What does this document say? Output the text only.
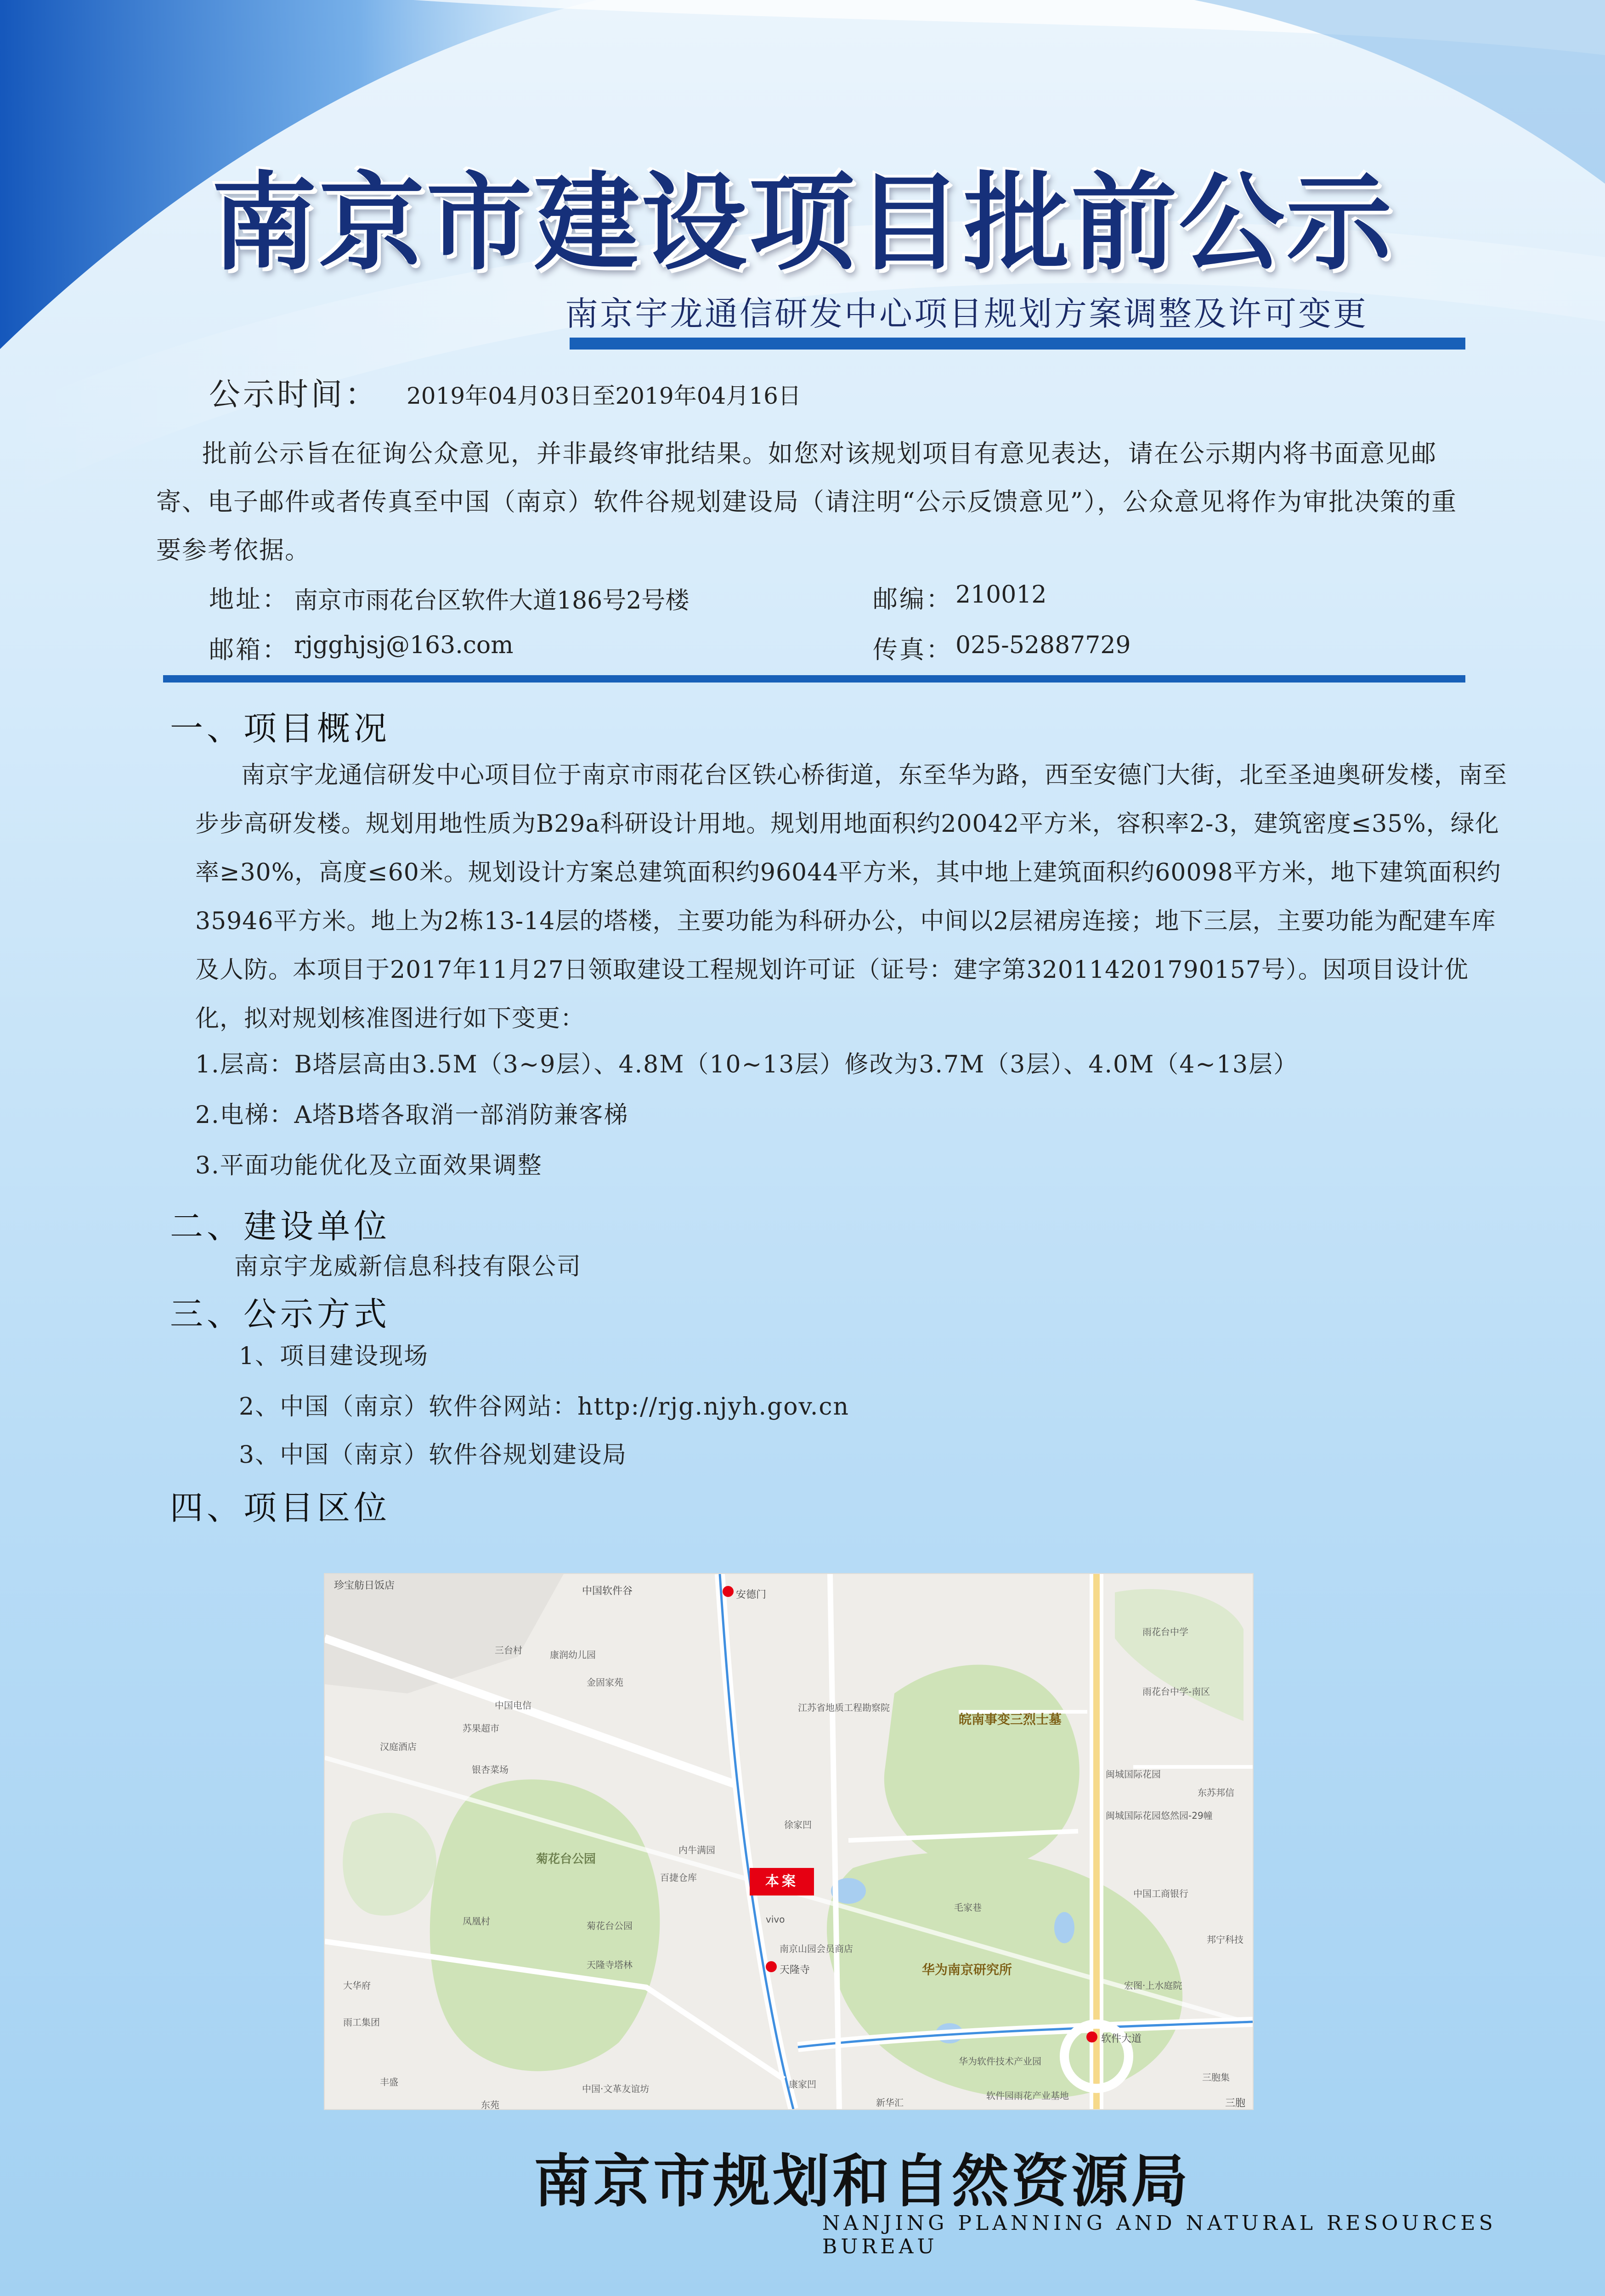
南京市建设项目批前公示
南京宇龙通信研发中心项目规划方案调整及许可变更
公示时间： 2019年04月03日至2019年04月16日
批前公示旨在征询公众意见，并非最终审批结果。如您对该规划项目有意见表达，请在公示期内将书面意见邮寄、电子邮件或者传真至中国（南京）软件谷规划建设局（请注明“公示反馈意见”），公众意见将作为审批决策的重要参考依据。
地址： 南京市雨花台区软件大道186号2号楼	邮编： 210012
邮箱： rjgghjsj@163.com	传真： 025-52887729
一、项目概况
南京宇龙通信研发中心项目位于南京市雨花台区铁心桥街道，东至华为路，西至安德门大街，北至圣迪奥研发楼，南至步步高研发楼。规划用地性质为B29a科研设计用地。规划用地面积约20042平方米，容积率2-3，建筑密度≤35%，绿化率≥30%，高度≤60米。规划设计方案总建筑面积约96044平方米，其中地上建筑面积约60098平方米，地下建筑面积约35946平方米。地上为2栋13-14层的塔楼，主要功能为科研办公，中间以2层裙房连接；地下三层，主要功能为配建车库及人防。本项目于2017年11月27日领取建设工程规划许可证（证号：建字第320114201790157号）。因项目设计优化，拟对规划核准图进行如下变更：
1.层高：B塔层高由3.5M（3~9层）、4.8M（10~13层）修改为3.7M（3层）、4.0M（4~13层）
2.电梯：A塔B塔各取消一部消防兼客梯
3.平面功能优化及立面效果调整
二、建设单位
南京宇龙威新信息科技有限公司
三、公示方式
1、项目建设现场
2、中国（南京）软件谷网站：http://rjg.njyh.gov.cn
3、中国（南京）软件谷规划建设局
四、项目区位
珍宝舫日饭店	中国软件谷	安德门
三台村	康润幼儿园
金固家苑
中国电信
苏果超市
汉庭酒店
银杏菜场
江苏省地质工程勘察院
皖南事变三烈士墓
雨花台中学
雨花台中学-南区
闽城国际花园
东苏邦信
闽城国际花园悠然园-29幢
中国工商银行
邦宁科技
宏图·上水庭院
菊花台公园
内牛满园
百捷仓库
vivo
南京山园会员商店
天隆寺	华为南京研究所
软件大道
凤凰村	菊花台公园
天隆寺塔林
大华府
雨工集团
中国·文革友谊坊	康家凹
华为软件技术产业园
新华汇
软件园雨花产业基地
三胞集
毛家巷
徐家凹
丰盛
东苑	三胞
本案
南京市规划和自然资源局
NANJING PLANNING AND NATURAL RESOURCES BUREAU
